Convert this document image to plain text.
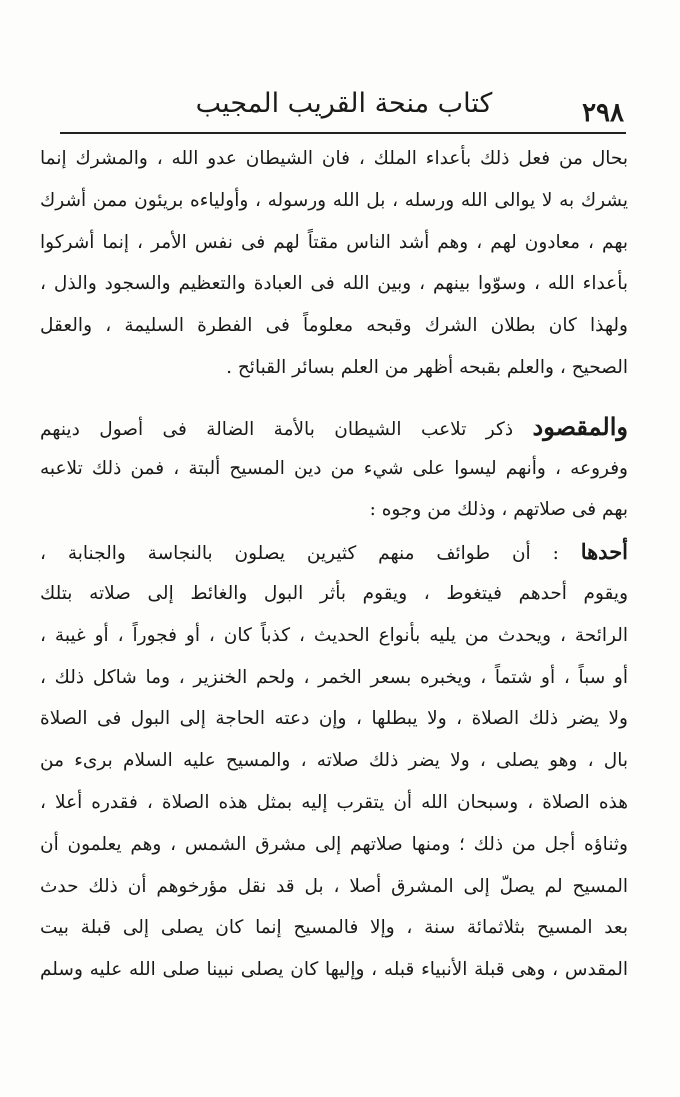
٢٩٨
كتاب منحة القريب المجيب
بحال من فعل ذلك بأعداء الملك ، فان الشيطان عدو الله ، والمشرك إنما
يشرك به لا يوالى الله ورسله ، بل الله ورسوله ، وأولياءه بريئون ممن أشرك
بهم ، معادون لهم ، وهم أشد الناس مقتاً لهم فى نفس الأمر ، إنما أشركوا
بأعداء الله ، وسوّوا بينهم ، وبين الله فى العبادة والتعظيم والسجود والذل ،
ولهذا كان بطلان الشرك وقبحه معلوماً فى الفطرة السليمة ، والعقل
الصحيح ، والعلم بقبحه أظهر من العلم بسائر القبائح .
والمقصود ذكر تلاعب الشيطان بالأمة الضالة فى أصول دينهم
وفروعه ، وأنهم ليسوا على شيء من دين المسيح ألبتة ، فمن ذلك تلاعبه
بهم فى صلاتهم ، وذلك من وجوه :
أحدها : أن طوائف منهم كثيرين يصلون بالنجاسة والجنابة ،
ويقوم أحدهم فيتغوط ، ويقوم بأثر البول والغائط إلى صلاته بتلك
الرائحة ، ويحدث من يليه بأنواع الحديث ، كذباً كان ، أو فجوراً ، أو غيبة ،
أو سباً ، أو شتماً ، ويخبره بسعر الخمر ، ولحم الخنزير ، وما شاكل ذلك ،
ولا يضر ذلك الصلاة ، ولا يبطلها ، وإن دعته الحاجة إلى البول فى الصلاة
بال ، وهو يصلى ، ولا يضر ذلك صلاته ، والمسيح عليه السلام برىء من
هذه الصلاة ، وسبحان الله أن يتقرب إليه بمثل هذه الصلاة ، فقدره أعلا ،
وثناؤه أجل من ذلك ؛ ومنها صلاتهم إلى مشرق الشمس ، وهم يعلمون أن
المسيح لم يصلّ إلى المشرق أصلا ، بل قد نقل مؤرخوهم أن ذلك حدث
بعد المسيح بثلاثمائة سنة ، وإلا فالمسيح إنما كان يصلى إلى قبلة بيت
المقدس ، وهى قبلة الأنبياء قبله ، وإليها كان يصلى نبينا صلى الله عليه وسلم
